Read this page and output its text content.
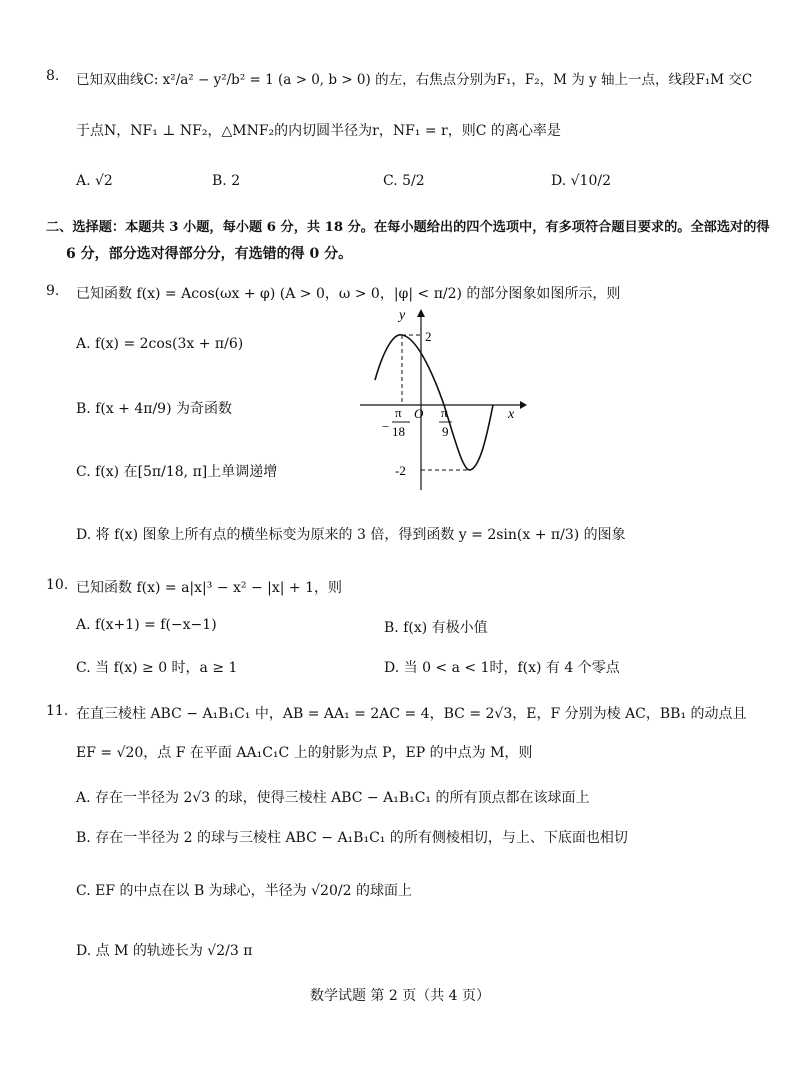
8. 已知双曲线C: x²/a² − y²/b² = 1 (a > 0, b > 0) 的左，右焦点分别为F₁，F₂，M 为 y 轴上一点，线段F₁M 交C
于点N，NF₁ ⊥ NF₂，△MNF₂的内切圆半径为r，NF₁ = r，则C 的离心率是
A. √2	B. 2	C. 5/2	D. √10/2
二、选择题：本题共 3 小题，每小题 6 分，共 18 分。在每小题给出的四个选项中，有多项符合题目要求的。全部选对的得
6 分，部分选对得部分分，有选错的得 0 分。
9. 已知函数 f(x) = Acos(ωx + φ) (A > 0，ω > 0，|φ| < π/2) 的部分图象如图所示，则
A. f(x) = 2cos(3x + π/6)
B. f(x + 4π/9) 为奇函数
C. f(x) 在[5π/18, π]上单调递增
D. 将 f(x) 图象上所有点的横坐标变为原来的 3 倍，得到函数 y = 2sin(x + π/3) 的图象
y
x
O
2
-2
−
π
18
π
9
10. 已知函数 f(x) = a|x|³ − x² − |x| + 1，则
A. f(x+1) = f(−x−1)	B. f(x) 有极小值
C. 当 f(x) ≥ 0 时，a ≥ 1	D. 当 0 < a < 1时，f(x) 有 4 个零点
11. 在直三棱柱 ABC − A₁B₁C₁ 中，AB = AA₁ = 2AC = 4，BC = 2√3，E，F 分别为棱 AC，BB₁ 的动点且
EF = √20，点 F 在平面 AA₁C₁C 上的射影为点 P，EP 的中点为 M，则
A. 存在一半径为 2√3 的球，使得三棱柱 ABC − A₁B₁C₁ 的所有顶点都在该球面上
B. 存在一半径为 2 的球与三棱柱 ABC − A₁B₁C₁ 的所有侧棱相切，与上、下底面也相切
C. EF 的中点在以 B 为球心，半径为 √20/2 的球面上
D. 点 M 的轨迹长为 √2/3 π
数学试题 第 2 页（共 4 页）
